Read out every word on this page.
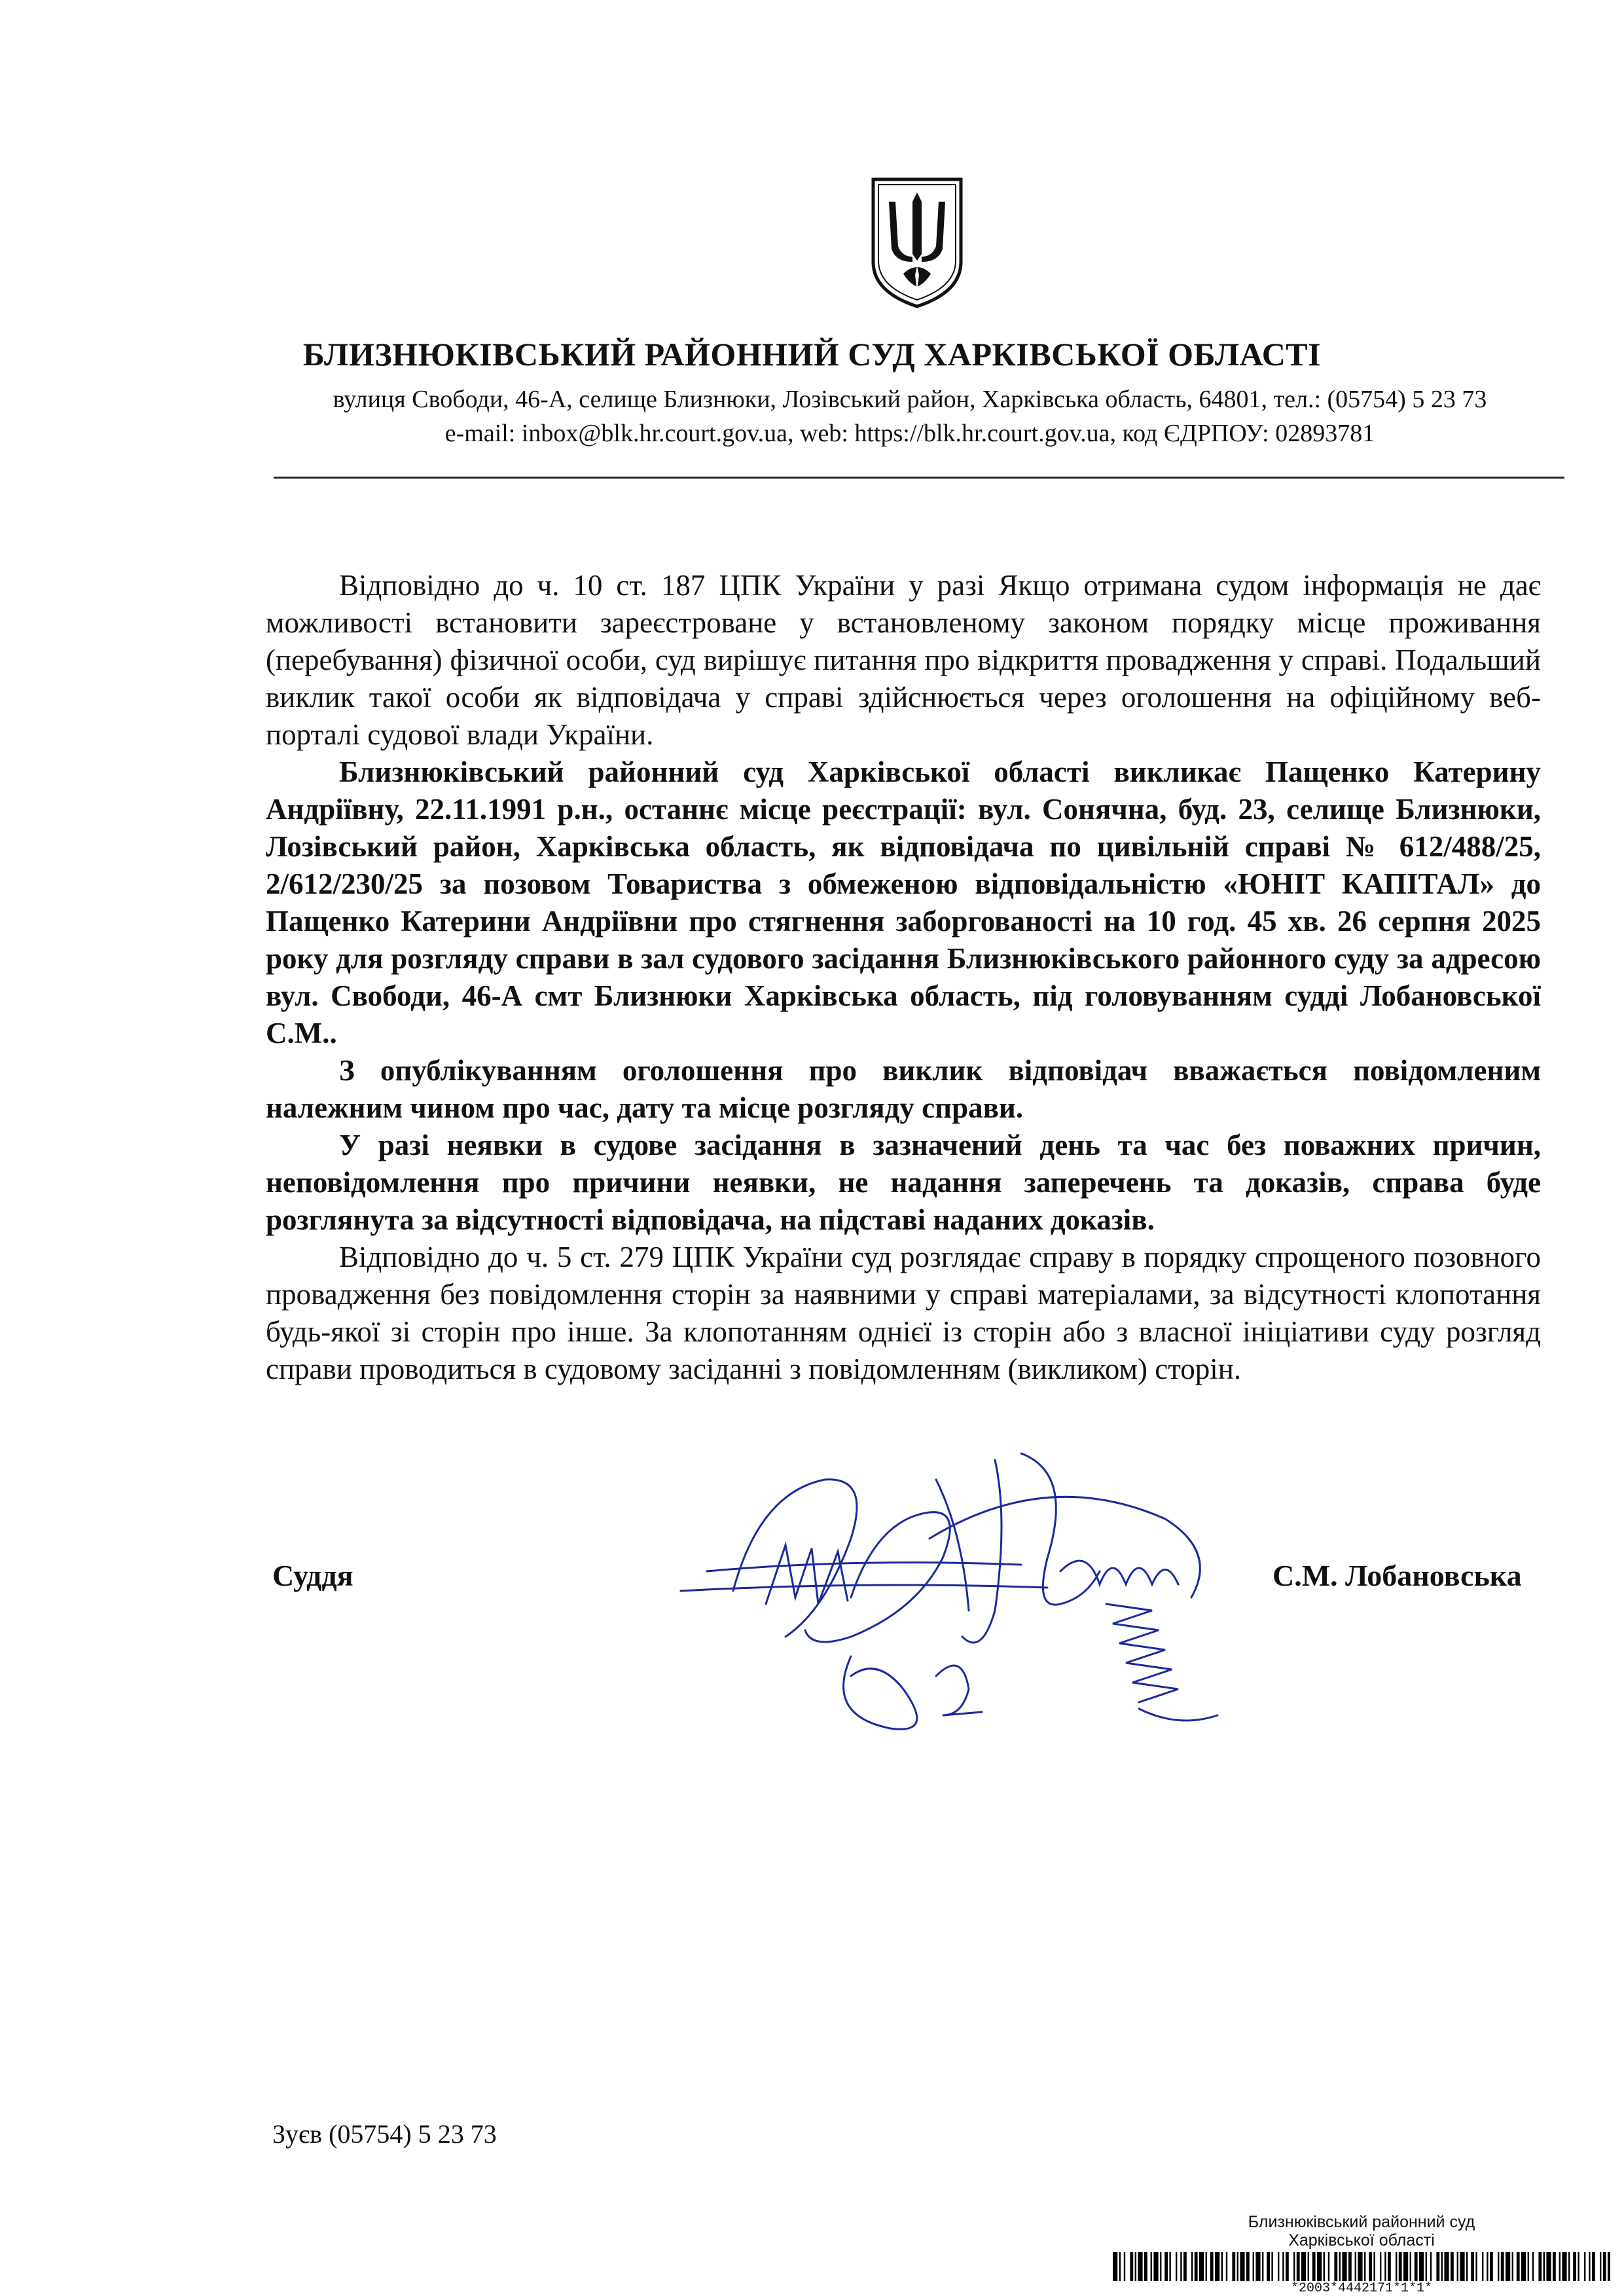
БЛИЗНЮКІВСЬКИЙ РАЙОННИЙ СУД ХАРКІВСЬКОЇ ОБЛАСТІ
вулиця Свободи, 46-А, селище Близнюки, Лозівський район, Харківська область, 64801, тел.: (05754) 5 23 73
e-mail: inbox@blk.hr.court.gov.ua, web: https://blk.hr.court.gov.ua, код ЄДРПОУ: 02893781

Відповідно до ч. 10 ст. 187 ЦПК України у разі Якщо отримана судом інформація не дає можливості встановити зареєстроване у встановленому законом порядку місце проживання (перебування) фізичної особи, суд вирішує питання про відкриття провадження у справі. Подальший виклик такої особи як відповідача у справі здійснюється через оголошення на офіційному веб-порталі судової влади України.

Близнюківський районний суд Харківської області викликає Пащенко Катерину Андріївну, 22.11.1991 р.н., останнє місце реєстрації: вул. Сонячна, буд. 23, селище Близнюки, Лозівський район, Харківська область, як відповідача по цивільній справі № 612/488/25, 2/612/230/25 за позовом Товариства з обмеженою відповідальністю «ЮНІТ КАПІТАЛ» до Пащенко Катерини Андріївни про стягнення заборгованості на 10 год. 45 хв. 26 серпня 2025 року для розгляду справи в зал судового засідання Близнюківського районного суду за адресою вул. Свободи, 46-А смт Близнюки Харківська область, під головуванням судді Лобановської С.М..

З опублікуванням оголошення про виклик відповідач вважається повідомленим належним чином про час, дату та місце розгляду справи.

У разі неявки в судове засідання в зазначений день та час без поважних причин, неповідомлення про причини неявки, не надання заперечень та доказів, справа буде розглянута за відсутності відповідача, на підставі наданих доказів.

Відповідно до ч. 5 ст. 279 ЦПК України суд розглядає справу в порядку спрощеного позовного провадження без повідомлення сторін за наявними у справі матеріалами, за відсутності клопотання будь-якої зі сторін про інше. За клопотанням однієї із сторін або з власної ініціативи суду розгляд справи проводиться в судовому засіданні з повідомленням (викликом) сторін.

Суддя	С.М. Лобановська
Зуєв (05754) 5 23 73
Близнюківський районний суд
Харківської області
*2003*4442171*1*1*
